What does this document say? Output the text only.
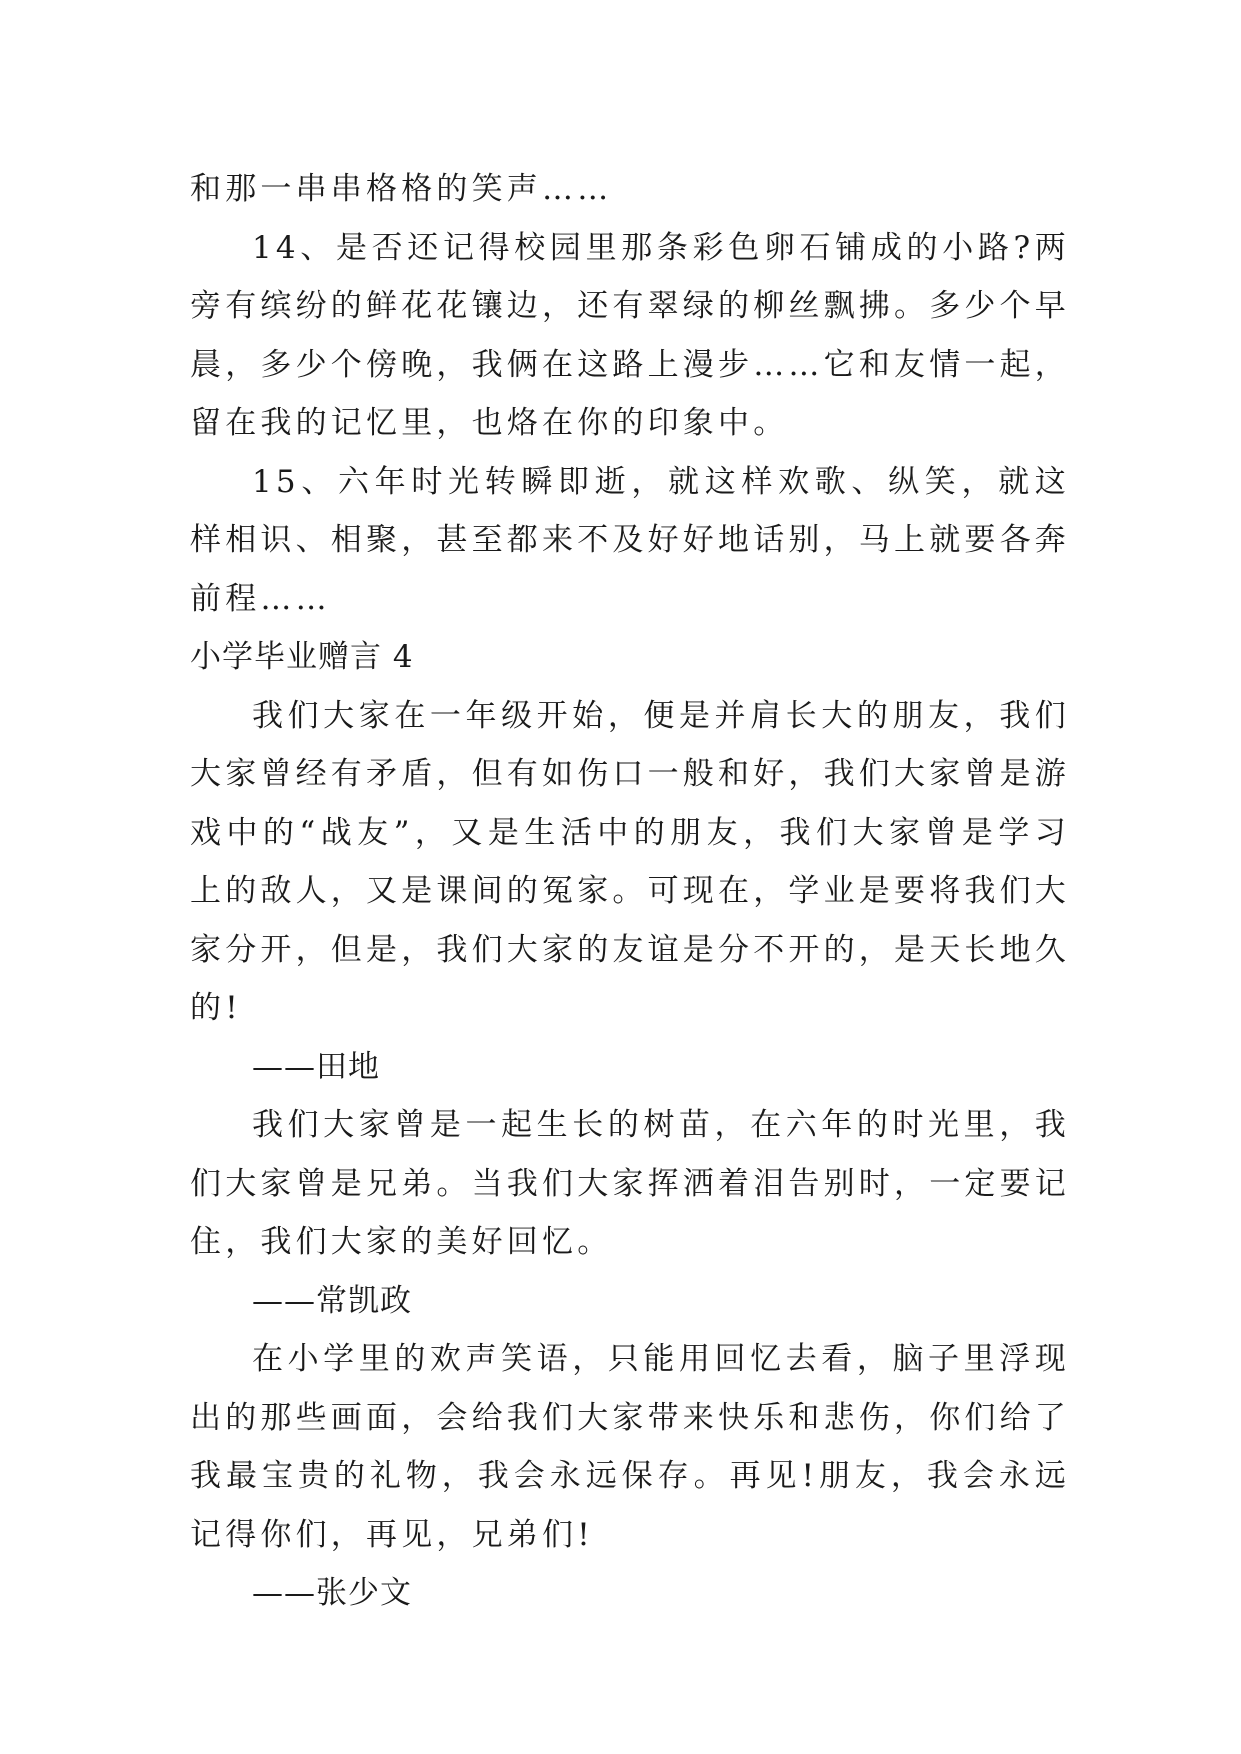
和那一串串格格的笑声……

14、是否还记得校园里那条彩色卵石铺成的小路?两旁有缤纷的鲜花花镶边，还有翠绿的柳丝飘拂。多少个早晨，多少个傍晚，我俩在这路上漫步……它和友情一起，留在我的记忆里，也烙在你的印象中。

15、六年时光转瞬即逝，就这样欢歌、纵笑，就这样相识、相聚，甚至都来不及好好地话别，马上就要各奔前程……

小学毕业赠言 4

我们大家在一年级开始，便是并肩长大的朋友，我们大家曾经有矛盾，但有如伤口一般和好，我们大家曾是游戏中的“战友”，又是生活中的朋友，我们大家曾是学习上的敌人，又是课间的冤家。可现在，学业是要将我们大家分开，但是，我们大家的友谊是分不开的，是天长地久的!

——田地

我们大家曾是一起生长的树苗，在六年的时光里，我们大家曾是兄弟。当我们大家挥洒着泪告别时，一定要记住，我们大家的美好回忆。

——常凯政

在小学里的欢声笑语，只能用回忆去看，脑子里浮现出的那些画面，会给我们大家带来快乐和悲伤，你们给了我最宝贵的礼物，我会永远保存。再见!朋友，我会永远记得你们，再见，兄弟们!

——张少文
